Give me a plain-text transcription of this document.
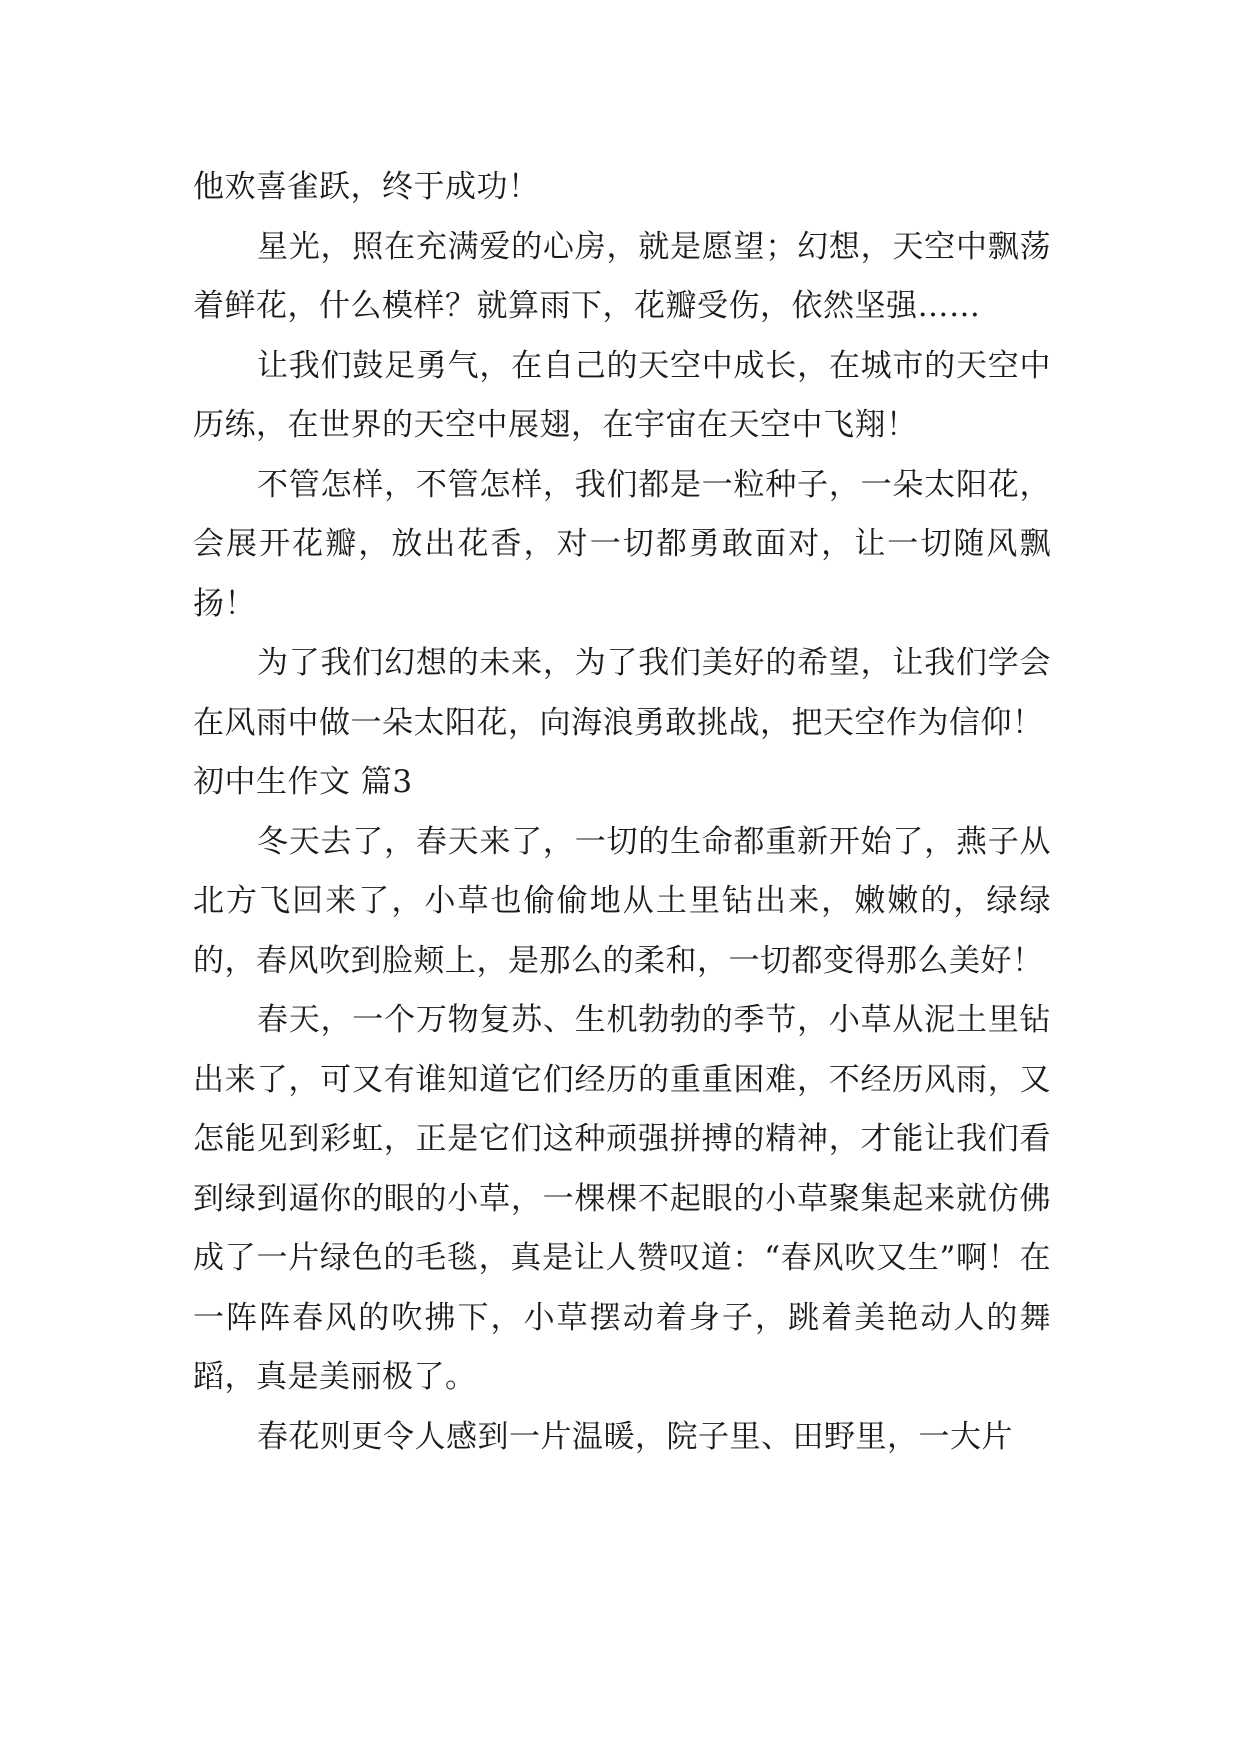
他欢喜雀跃，终于成功！

星光，照在充满爱的心房，就是愿望；幻想，天空中飘荡着鲜花，什么模样？就算雨下，花瓣受伤，依然坚强……

让我们鼓足勇气，在自己的天空中成长，在城市的天空中历练，在世界的天空中展翅，在宇宙在天空中飞翔！

不管怎样，不管怎样，我们都是一粒种子，一朵太阳花，会展开花瓣，放出花香，对一切都勇敢面对，让一切随风飘扬！

为了我们幻想的未来，为了我们美好的希望，让我们学会在风雨中做一朵太阳花，向海浪勇敢挑战，把天空作为信仰！

初中生作文 篇3

冬天去了，春天来了，一切的生命都重新开始了，燕子从北方飞回来了，小草也偷偷地从土里钻出来，嫩嫩的，绿绿的，春风吹到脸颊上，是那么的柔和，一切都变得那么美好！

春天，一个万物复苏、生机勃勃的季节，小草从泥土里钻出来了，可又有谁知道它们经历的重重困难，不经历风雨，又怎能见到彩虹，正是它们这种顽强拼搏的精神，才能让我们看到绿到逼你的眼的小草，一棵棵不起眼的小草聚集起来就仿佛成了一片绿色的毛毯，真是让人赞叹道：“春风吹又生”啊！在一阵阵春风的吹拂下，小草摆动着身子，跳着美艳动人的舞蹈，真是美丽极了。

春花则更令人感到一片温暖，院子里、田野里，一大片
